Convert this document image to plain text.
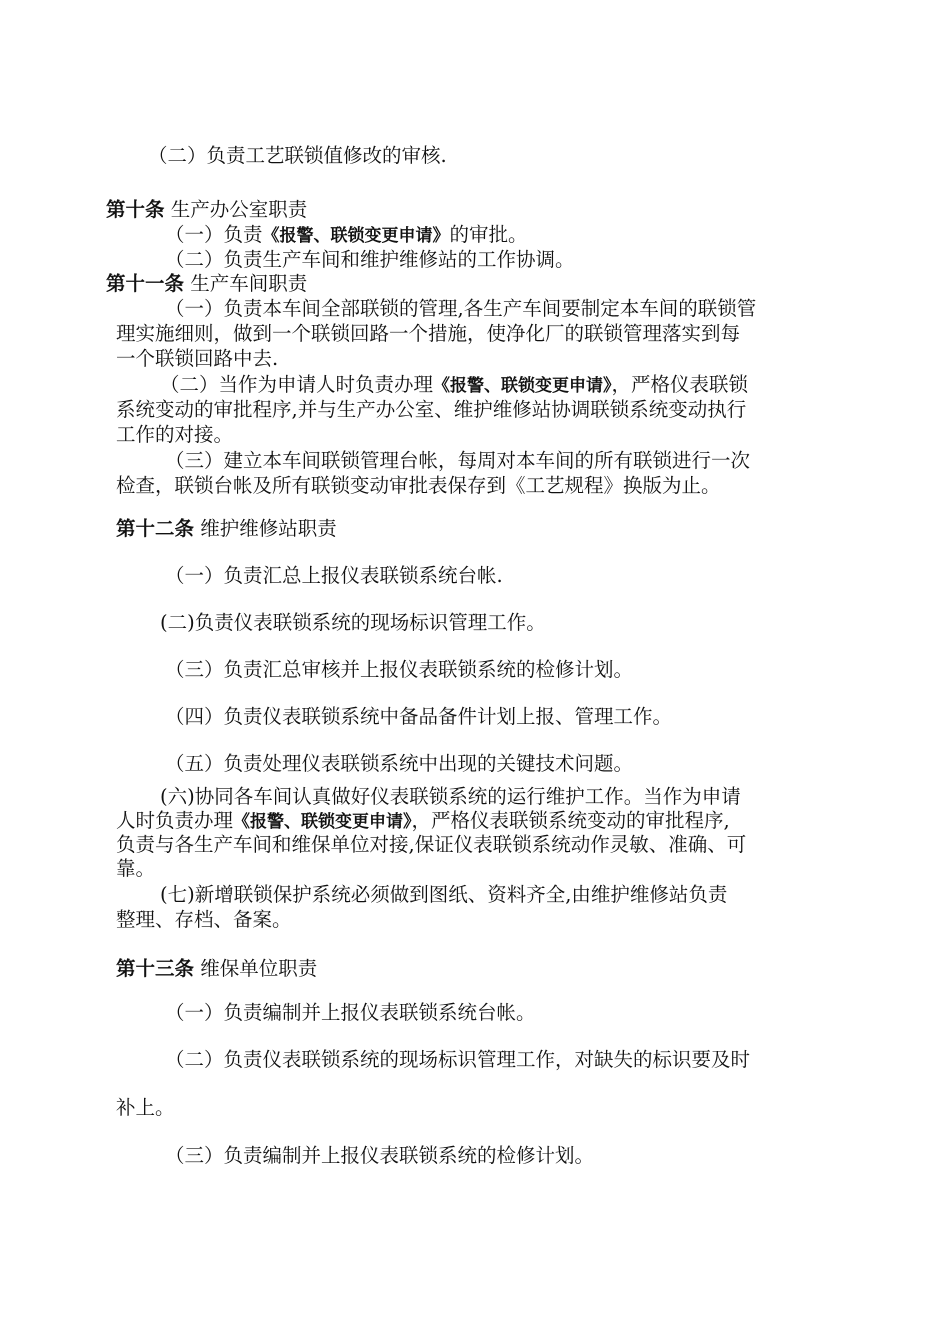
（二）负责工艺联锁值修改的审核.
第十条 生产办公室职责
（一）负责《报警、联锁变更申请》的审批。
（二）负责生产车间和维护维修站的工作协调。
第十一条 生产车间职责
（一）负责本车间全部联锁的管理,各生产车间要制定本车间的联锁管
理实施细则，做到一个联锁回路一个措施，使净化厂的联锁管理落实到每
一个联锁回路中去.
（二）当作为申请人时负责办理《报警、联锁变更申请》，严格仪表联锁
系统变动的审批程序,并与生产办公室、维护维修站协调联锁系统变动执行
工作的对接。
（三）建立本车间联锁管理台帐，每周对本车间的所有联锁进行一次
检查，联锁台帐及所有联锁变动审批表保存到《工艺规程》换版为止。
第十二条 维护维修站职责
（一）负责汇总上报仪表联锁系统台帐.
(二)负责仪表联锁系统的现场标识管理工作。
（三）负责汇总审核并上报仪表联锁系统的检修计划。
（四）负责仪表联锁系统中备品备件计划上报、管理工作。
（五）负责处理仪表联锁系统中出现的关键技术问题。
(六)协同各车间认真做好仪表联锁系统的运行维护工作。当作为申请
人时负责办理《报警、联锁变更申请》，严格仪表联锁系统变动的审批程序,
负责与各生产车间和维保单位对接,保证仪表联锁系统动作灵敏、准确、可
靠。
(七)新增联锁保护系统必须做到图纸、资料齐全,由维护维修站负责
整理、存档、备案。
第十三条 维保单位职责
（一）负责编制并上报仪表联锁系统台帐。
（二）负责仪表联锁系统的现场标识管理工作，对缺失的标识要及时
补上。
（三）负责编制并上报仪表联锁系统的检修计划。
